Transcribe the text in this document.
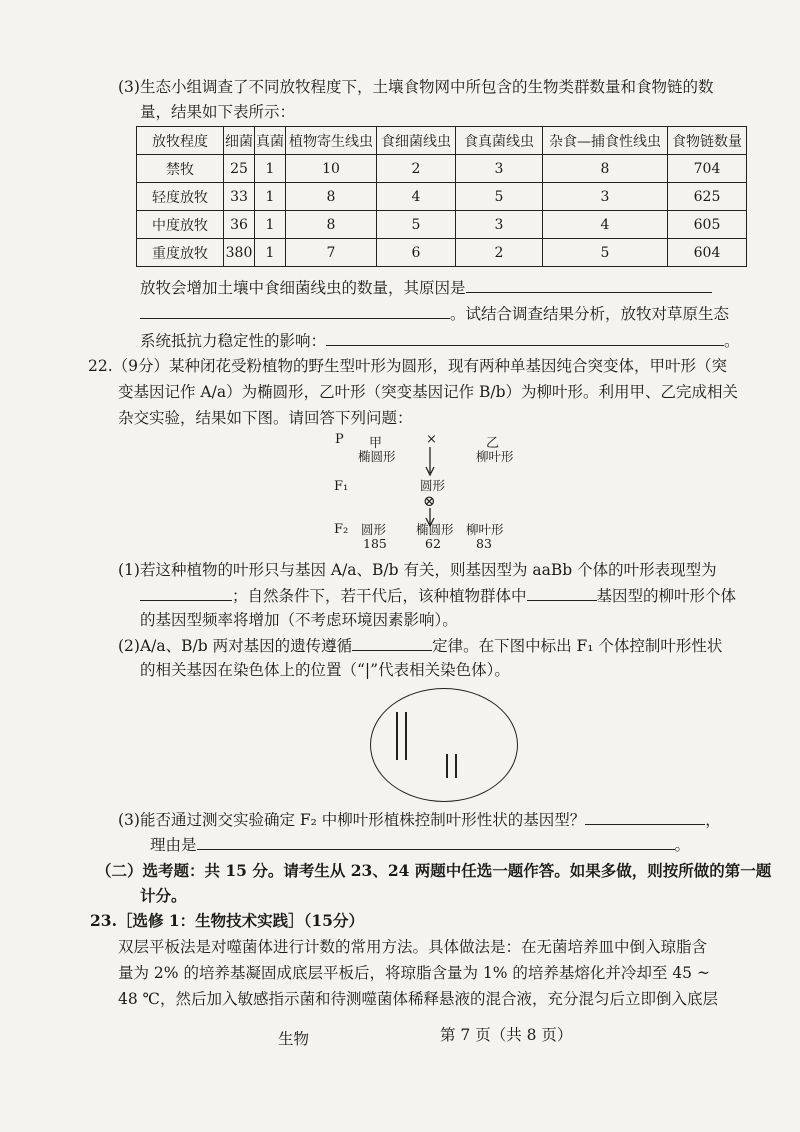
(3)生态小组调查了不同放牧程度下，土壤食物网中所包含的生物类群数量和食物链的数
量，结果如下表所示：
放牧程度	细菌	真菌	植物寄生线虫	食细菌线虫	食真菌线虫	杂食—捕食性线虫	食物链数量
禁牧	25	1	10	2	3	8	704
轻度放牧	33	1	8	4	5	3	625
中度放牧	36	1	8	5	3	4	605
重度放牧	380	1	7	6	2	5	604
放牧会增加土壤中食细菌线虫的数量，其原因是
。试结合调查结果分析，放牧对草原生态
系统抵抗力稳定性的影响：	。
22.（9分）某种闭花受粉植物的野生型叶形为圆形，现有两种单基因纯合突变体，甲叶形（突
变基因记作 A/a）为椭圆形，乙叶形（突变基因记作 B/b）为柳叶形。利用甲、乙完成相关
杂交实验，结果如下图。请回答下列问题：
P 甲
椭圆形
×	乙
柳叶形
F₁	圆形
⊗
F₂ 圆形
185
椭圆形
62
柳叶形
83
(1)若这种植物的叶形只与基因 A/a、B/b 有关，则基因型为 aaBb 个体的叶形表现型为
；自然条件下，若干代后，该种植物群体中	基因型的柳叶形个体
的基因型频率将增加（不考虑环境因素影响）。
(2)A/a、B/b 两对基因的遗传遵循	定律。在下图中标出 F₁ 个体控制叶形性状
的相关基因在染色体上的位置（“|”代表相关染色体）。
(3)能否通过测交实验确定 F₂ 中柳叶形植株控制叶形性状的基因型？	，
理由是	。
（二）选考题：共 15 分。请考生从 23、24 两题中任选一题作答。如果多做，则按所做的第一题
计分。
23.［选修 1：生物技术实践］（15分）
双层平板法是对噬菌体进行计数的常用方法。具体做法是：在无菌培养皿中倒入琼脂含
量为 2% 的培养基凝固成底层平板后，将琼脂含量为 1% 的培养基熔化并冷却至 45 ~
48 ℃，然后加入敏感指示菌和待测噬菌体稀释悬液的混合液，充分混匀后立即倒入底层
生物	第 7 页（共 8 页）
